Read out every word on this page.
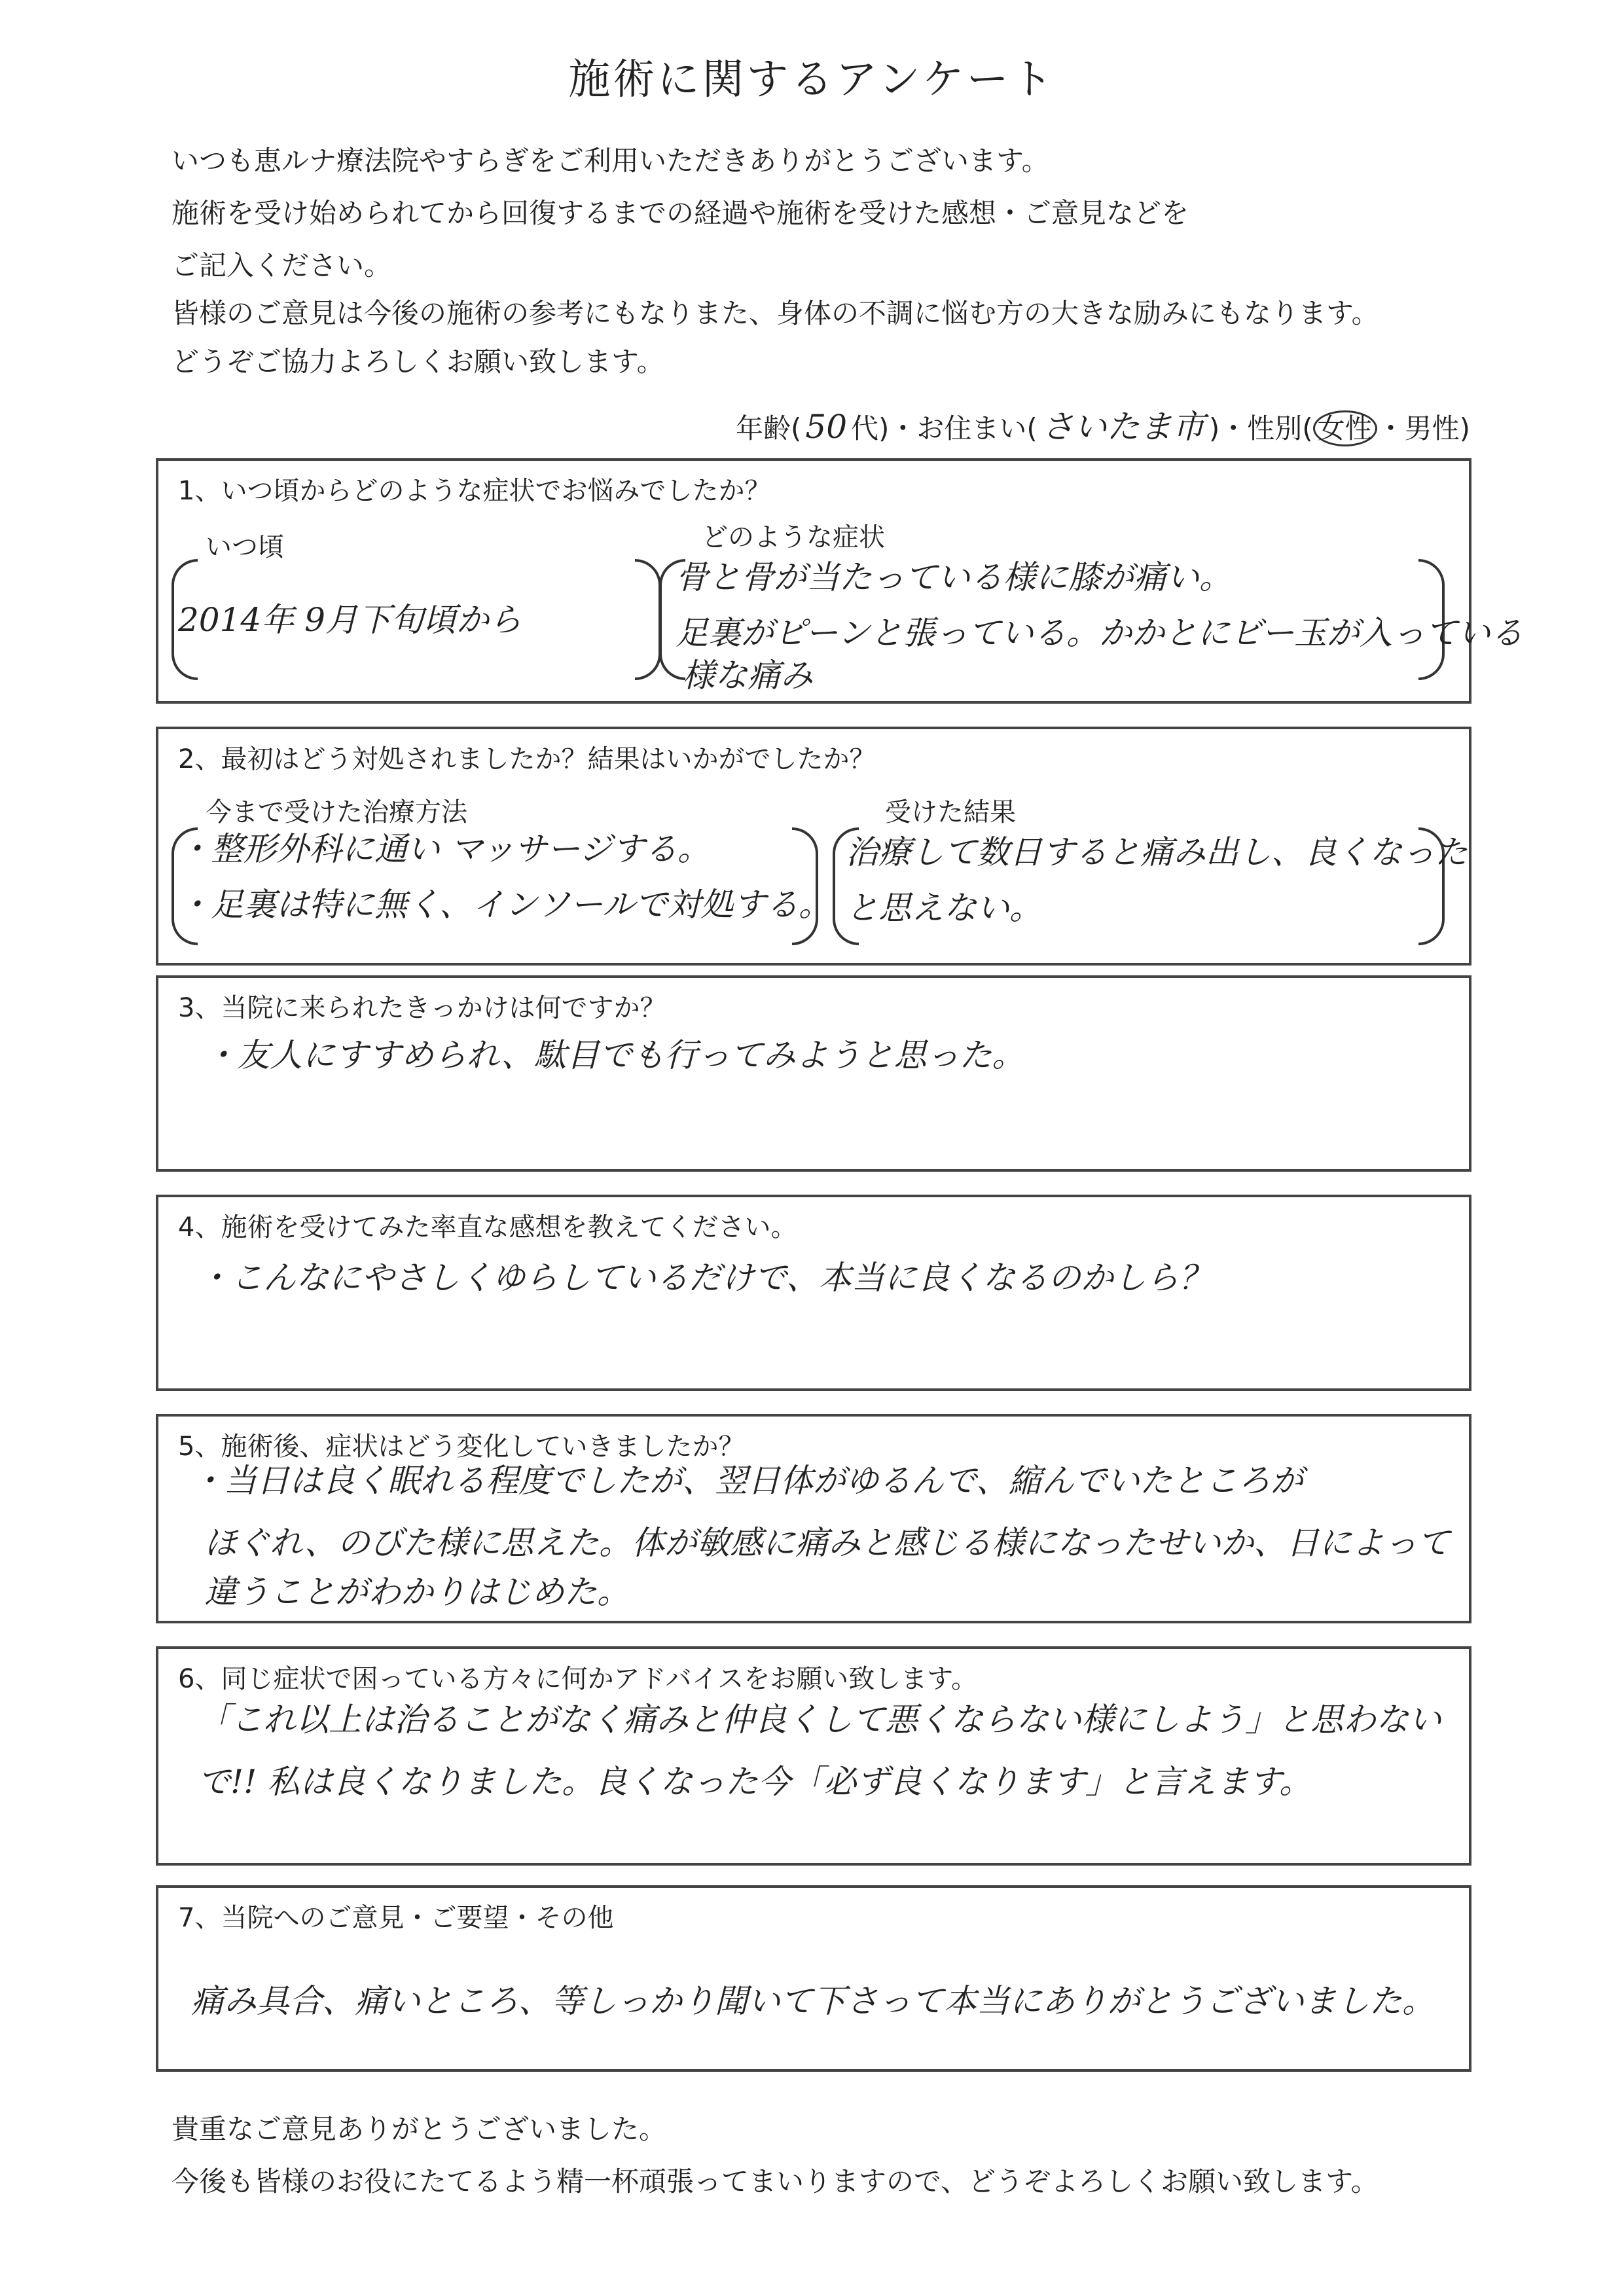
施術に関するアンケート
いつも恵ルナ療法院やすらぎをご利用いただきありがとうございます。
施術を受け始められてから回復するまでの経過や施術を受けた感想・ご意見などを
ご記入ください。
皆様のご意見は今後の施術の参考にもなりまた、身体の不調に悩む方の大きな励みにもなります。
どうぞご協力よろしくお願い致します。
年齢( 50 代)・お住まい( さいたま市 )・性別( 女性 ・男性)
1、いつ頃からどのような症状でお悩みでしたか？
いつ頃
2014年 9月下旬頃から
どのような症状
骨と骨が当たっている様に膝が痛い。
足裏がピーンと張っている。かかとにビー玉が入っている
様な痛み
2、最初はどう対処されましたか？結果はいかがでしたか？
今まで受けた治療方法
・整形外科に通い マッサージする。
・足裏は特に無く、インソールで対処する。
受けた結果
治療して数日すると痛み出し、良くなった
と思えない。
3、当院に来られたきっかけは何ですか？
・友人にすすめられ、駄目でも行ってみようと思った。
4、施術を受けてみた率直な感想を教えてください。
・こんなにやさしくゆらしているだけで、本当に良くなるのかしら？
5、施術後、症状はどう変化していきましたか？
・当日は良く眠れる程度でしたが、翌日体がゆるんで、縮んでいたところが
ほぐれ、のびた様に思えた。体が敏感に痛みと感じる様になったせいか、日によって
違うことがわかりはじめた。
6、同じ症状で困っている方々に何かアドバイスをお願い致します。
「これ以上は治ることがなく痛みと仲良くして悪くならない様にしよう」と思わない
で!! 私は良くなりました。良くなった今「必ず良くなります」と言えます。
7、当院へのご意見・ご要望・その他
痛み具合、痛いところ、等しっかり聞いて下さって本当にありがとうございました。
貴重なご意見ありがとうございました。
今後も皆様のお役にたてるよう精一杯頑張ってまいりますので、どうぞよろしくお願い致します。
